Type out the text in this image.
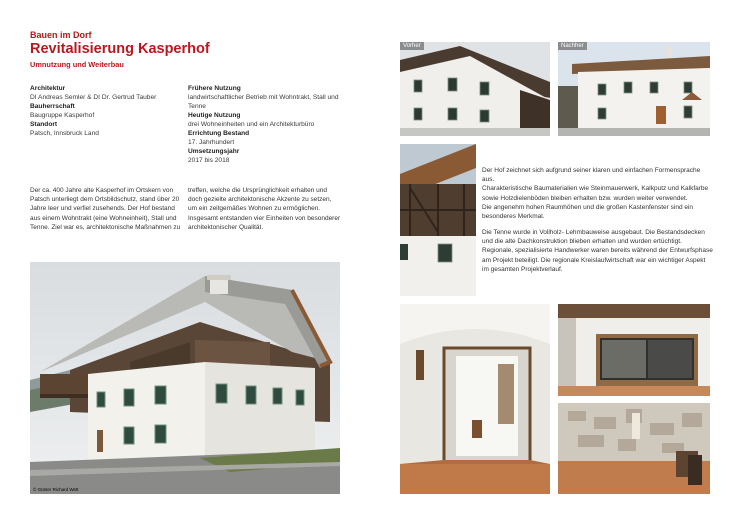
Bauen im Dorf
Revitalisierung Kasperhof
Umnutzung und Weiterbau
Architektur
DI Andreas Semler & DI Dr. Gertrud Tauber
Bauherrschaft
Baugruppe Kasperhof
Standort
Patsch, Innsbruck Land
Frühere Nutzung
landwirtschaftlicher Betrieb mit Wohntrakt, Stall und
Tenne
Heutige Nutzung
drei Wohneinheiten und ein Architekturbüro
Errichtung Bestand
17. Jahrhundert
Umsetzungsjahr
2017 bis 2018
Der ca. 400 Jahre alte Kasperhof im Ortskern von
Patsch unterliegt dem Ortsbildschutz, stand über 20
Jahre leer und verfiel zusehends. Der Hof bestand
aus einem Wohntrakt (eine Wohneinheit), Stall und
Tenne. Ziel war es, architektonische Maßnahmen zu
treffen, welche die Ursprünglichkeit erhalten und
doch gezielte architektonische Akzente zu setzen,
um ein zeitgemäßes Wohnen zu ermöglichen.
Insgesamt entstanden vier Einheiten von besonderer
architektonischer Qualität.
© Günter Richard Wett
Vorher	Nachher
Der Hof zeichnet sich aufgrund seiner klaren und einfachen Formensprache aus.
Charakteristische Baumaterialien wie Steinmauerwerk, Kalkputz und Kalkfarbe
sowie Holzdielenböden bleiben erhalten bzw. wurden weiter verwendet.
Die angenehm hohen Raumhöhen und die großen Kastenfenster sind ein
besonderes Merkmal.
Die Tenne wurde in Vollholz- Lehmbauweise ausgebaut. Die Bestandsdecken
und die alte Dachkonstruktion blieben erhalten und wurden ertüchtigt.
Regionale, spezialisierte Handwerker waren bereits während der Entwurfsphase
am Projekt beteiligt. Die regionale Kreislaufwirtschaft war ein wichtiger Aspekt
im gesamten Projektverlauf.
